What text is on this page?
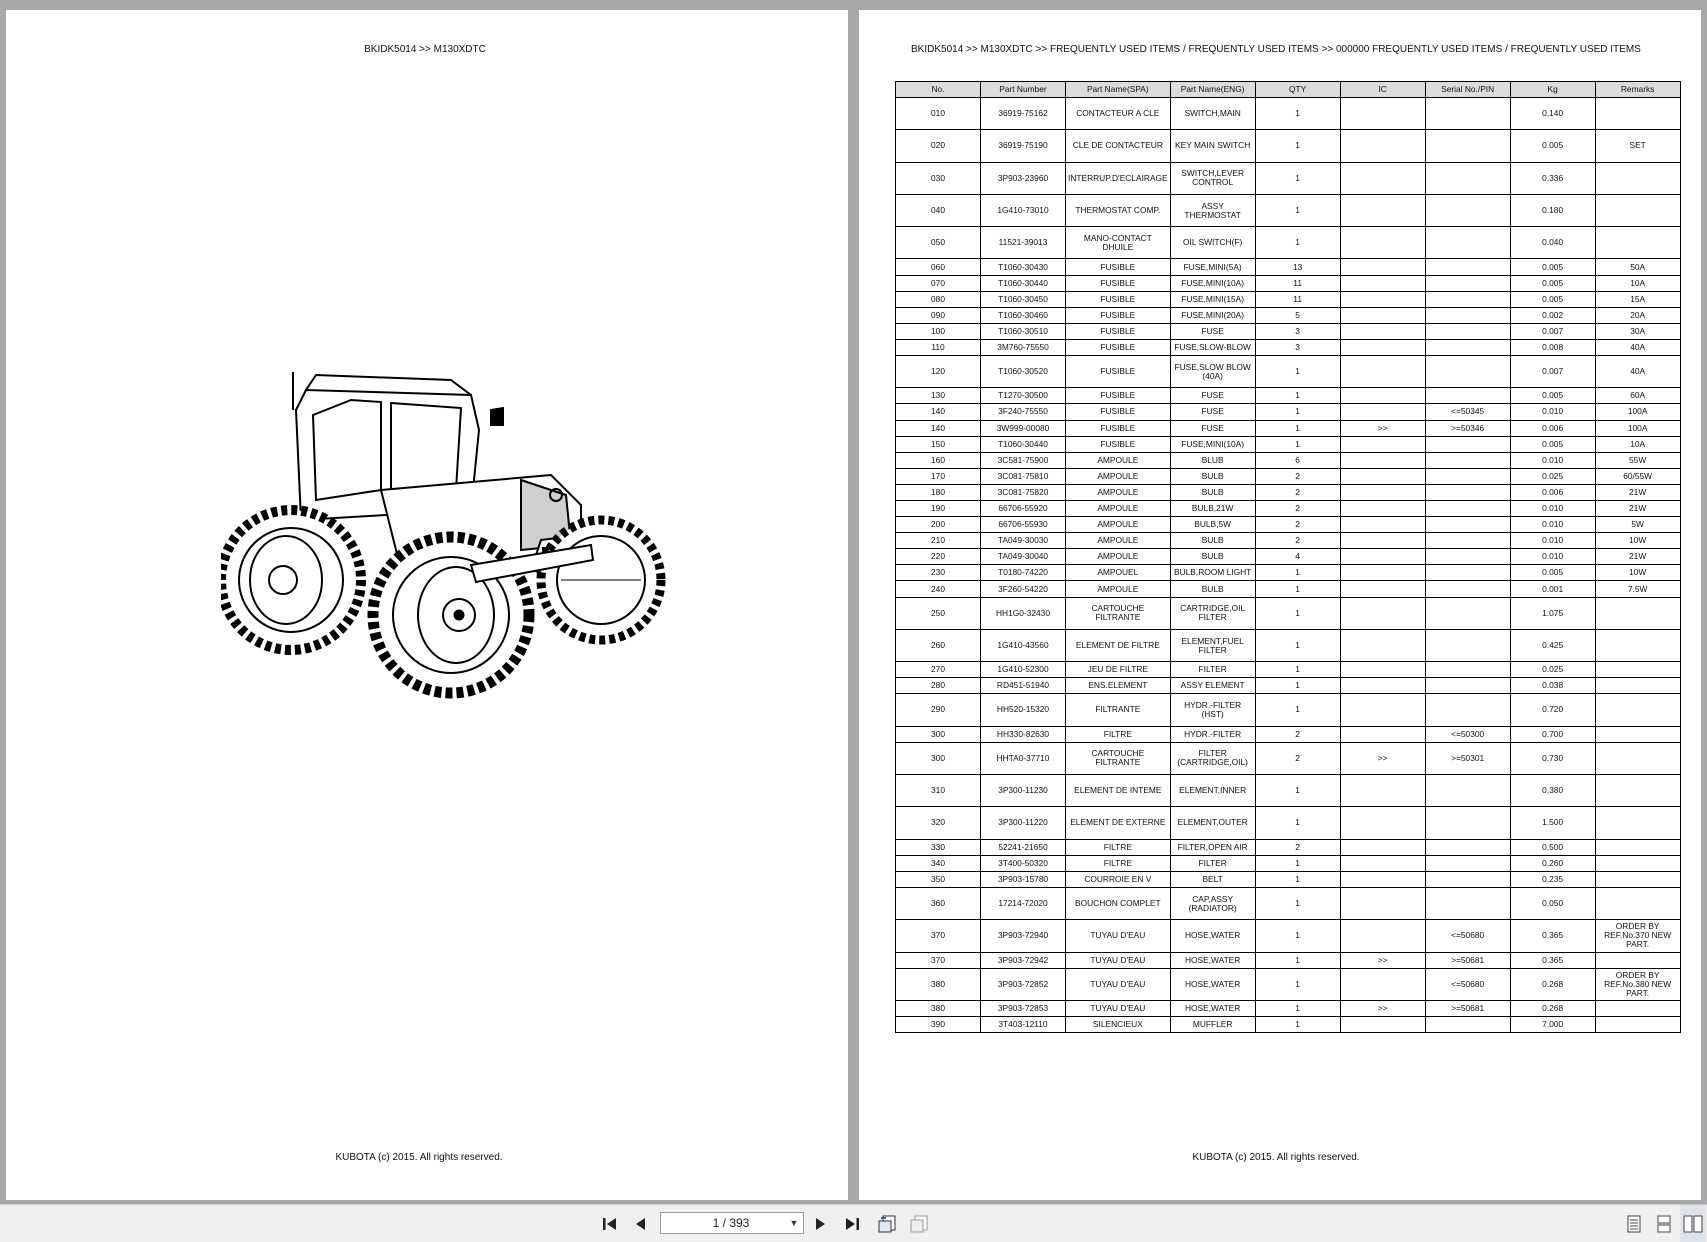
BKIDK5014 >> M130XDTC
KUBOTA (c) 2015. All rights reserved.
BKIDK5014 >> M130XDTC >> FREQUENTLY USED ITEMS / FREQUENTLY USED ITEMS >> 000000 FREQUENTLY USED ITEMS / FREQUENTLY USED ITEMS
No.	Part Number	Part Name(SPA)	Part Name(ENG)	QTY	IC	Serial No./PIN	Kg	Remarks
010	36919-75162	CONTACTEUR A CLE	SWITCH,MAIN	1			0.140	
020	36919-75190	CLE DE CONTACTEUR	KEY MAIN SWITCH	1			0.005	SET
030	3P903-23960	INTERRUP.D'ECLAIRAGE	SWITCH,LEVER CONTROL	1			0.336	
040	1G410-73010	THERMOSTAT COMP.	ASSY THERMOSTAT	1			0.180	
050	11521-39013	MANO-CONTACT DHUILE	OIL SWITCH(F)	1			0.040	
060	T1060-30430	FUSIBLE	FUSE,MINI(5A)	13			0.005	50A
070	T1060-30440	FUSIBLE	FUSE,MINI(10A)	11			0.005	10A
080	T1060-30450	FUSIBLE	FUSE,MINI(15A)	11			0.005	15A
090	T1060-30460	FUSIBLE	FUSE,MINI(20A)	5			0.002	20A
100	T1060-30510	FUSIBLE	FUSE	3			0.007	30A
110	3M760-75550	FUSIBLE	FUSE,SLOW-BLOW	3			0.008	40A
120	T1060-30520	FUSIBLE	FUSE,SLOW BLOW (40A)	1			0.007	40A
130	T1270-30500	FUSIBLE	FUSE	1			0.005	60A
140	3F240-75550	FUSIBLE	FUSE	1		<=50345	0.010	100A
140	3W999-00080	FUSIBLE	FUSE	1	>>	>=50346	0.006	100A
150	T1060-30440	FUSIBLE	FUSE,MINI(10A)	1			0.005	10A
160	3C581-75900	AMPOULE	BLUB	6			0.010	55W
170	3C081-75810	AMPOULE	BULB	2			0.025	60/55W
180	3C081-75820	AMPOULE	BULB	2			0.006	21W
190	66706-55920	AMPOULE	BULB,21W	2			0.010	21W
200	66706-55930	AMPOULE	BULB,5W	2			0.010	5W
210	TA049-30030	AMPOULE	BULB	2			0.010	10W
220	TA049-30040	AMPOULE	BULB	4			0.010	21W
230	T0180-74220	AMPOUEL	BULB,ROOM LIGHT	1			0.005	10W
240	3F260-54220	AMPOULE	BULB	1			0.001	7.5W
250	HH1G0-32430	CARTOUCHE FILTRANTE	CARTRIDGE,OIL FILTER	1			1.075	
260	1G410-43560	ELEMENT DE FILTRE	ELEMENT,FUEL FILTER	1			0.425	
270	1G410-52300	JEU DE FILTRE	FILTER	1			0.025	
280	RD451-51940	ENS.ELEMENT	ASSY ELEMENT	1			0.038	
290	HH520-15320	FILTRANTE	HYDR.-FILTER (HST)	1			0.720	
300	HH330-82630	FILTRE	HYDR.-FILTER	2		<=50300	0.700	
300	HHTA0-37710	CARTOUCHE FILTRANTE	FILTER (CARTRIDGE,OIL)	2	>>	>=50301	0.730	
310	3P300-11230	ELEMENT DE INTEME	ELEMENT,INNER	1			0.380	
320	3P300-11220	ELEMENT DE EXTERNE	ELEMENT,OUTER	1			1.500	
330	52241-21650	FILTRE	FILTER,OPEN AIR	2			0.500	
340	3T400-50320	FILTRE	FILTER	1			0.260	
350	3P903-15780	COURROIE EN V	BELT	1			0.235	
360	17214-72020	BOUCHON COMPLET	CAP,ASSY (RADIATOR)	1			0.050	
370	3P903-72940	TUYAU D'EAU	HOSE,WATER	1		<=50680	0.365	ORDER BY REF.No.370 NEW PART.
370	3P903-72942	TUYAU D'EAU	HOSE,WATER	1	>>	>=50681	0.365	
380	3P903-72852	TUYAU D'EAU	HOSE,WATER	1		<=50680	0.268	ORDER BY REF.No.380 NEW PART.
380	3P903-72853	TUYAU D'EAU	HOSE,WATER	1	>>	>=50681	0.268	
390	3T403-12110	SILENCIEUX	MUFFLER	1			7.000	
KUBOTA (c) 2015. All rights reserved.
1 / 393	▼
